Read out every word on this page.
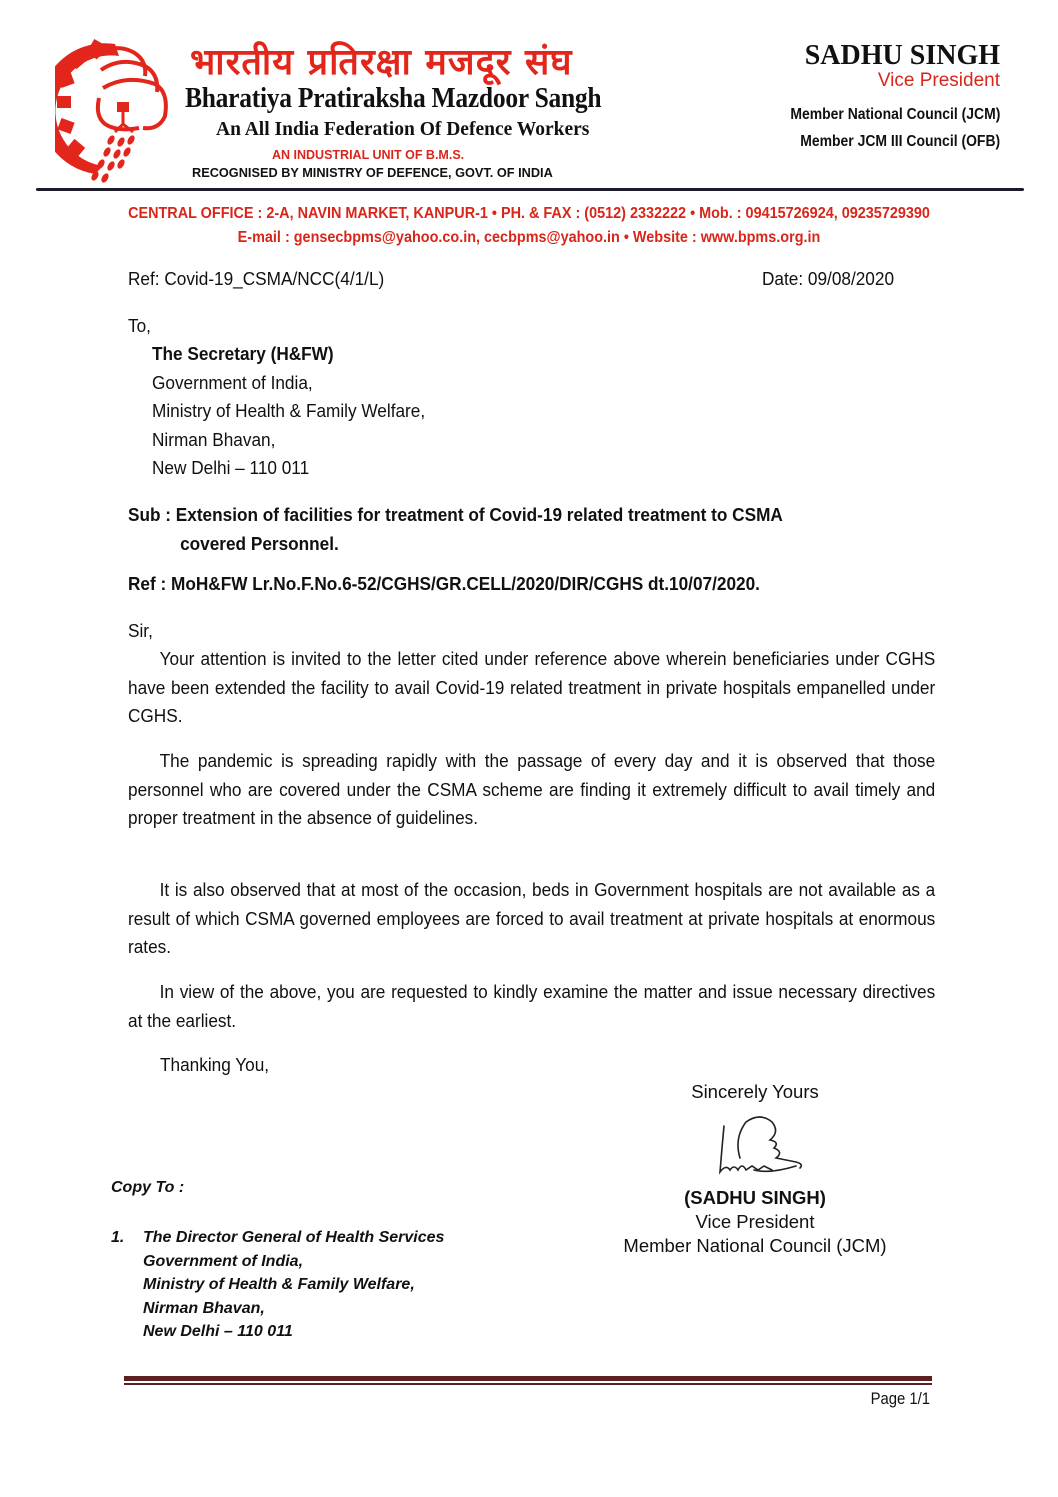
भारतीय प्रतिरक्षा मजदूर संघ
Bharatiya Pratiraksha Mazdoor Sangh
An All India Federation Of Defence Workers
AN INDUSTRIAL UNIT OF B.M.S.
RECOGNISED BY MINISTRY OF DEFENCE, GOVT. OF INDIA
SADHU SINGH
Vice President
Member National Council (JCM)
Member JCM III Council (OFB)
CENTRAL OFFICE : 2-A, NAVIN MARKET, KANPUR-1 • PH. & FAX : (0512) 2332222 • Mob. : 09415726924, 09235729390
E-mail : gensecbpms@yahoo.co.in, cecbpms@yahoo.in • Website : www.bpms.org.in
Ref: Covid-19_CSMA/NCC(4/1/L)	Date: 09/08/2020
To,
The Secretary (H&FW)
Government of India,
Ministry of Health & Family Welfare,
Nirman Bhavan,
New Delhi – 110 011
Sub : Extension of facilities for treatment of Covid-19 related treatment to CSMA
covered Personnel.
Ref : MoH&FW Lr.No.F.No.6-52/CGHS/GR.CELL/2020/DIR/CGHS dt.10/07/2020.
Sir,
Your attention is invited to the letter cited under reference above wherein beneficiaries under CGHS have been extended the facility to avail Covid-19 related treatment in private hospitals empanelled under CGHS.
The pandemic is spreading rapidly with the passage of every day and it is observed that those personnel who are covered under the CSMA scheme are finding it extremely difficult to avail timely and proper treatment in the absence of guidelines.
It is also observed that at most of the occasion, beds in Government hospitals are not available as a result of which CSMA governed employees are forced to avail treatment at private hospitals at enormous rates.
In view of the above, you are requested to kindly examine the matter and issue necessary directives at the earliest.
Thanking You,
Sincerely Yours
(SADHU SINGH)
Vice President
Member National Council (JCM)
Copy To :
1. The Director General of Health Services
Government of India,
Ministry of Health & Family Welfare,
Nirman Bhavan,
New Delhi – 110 011
Page 1/1
